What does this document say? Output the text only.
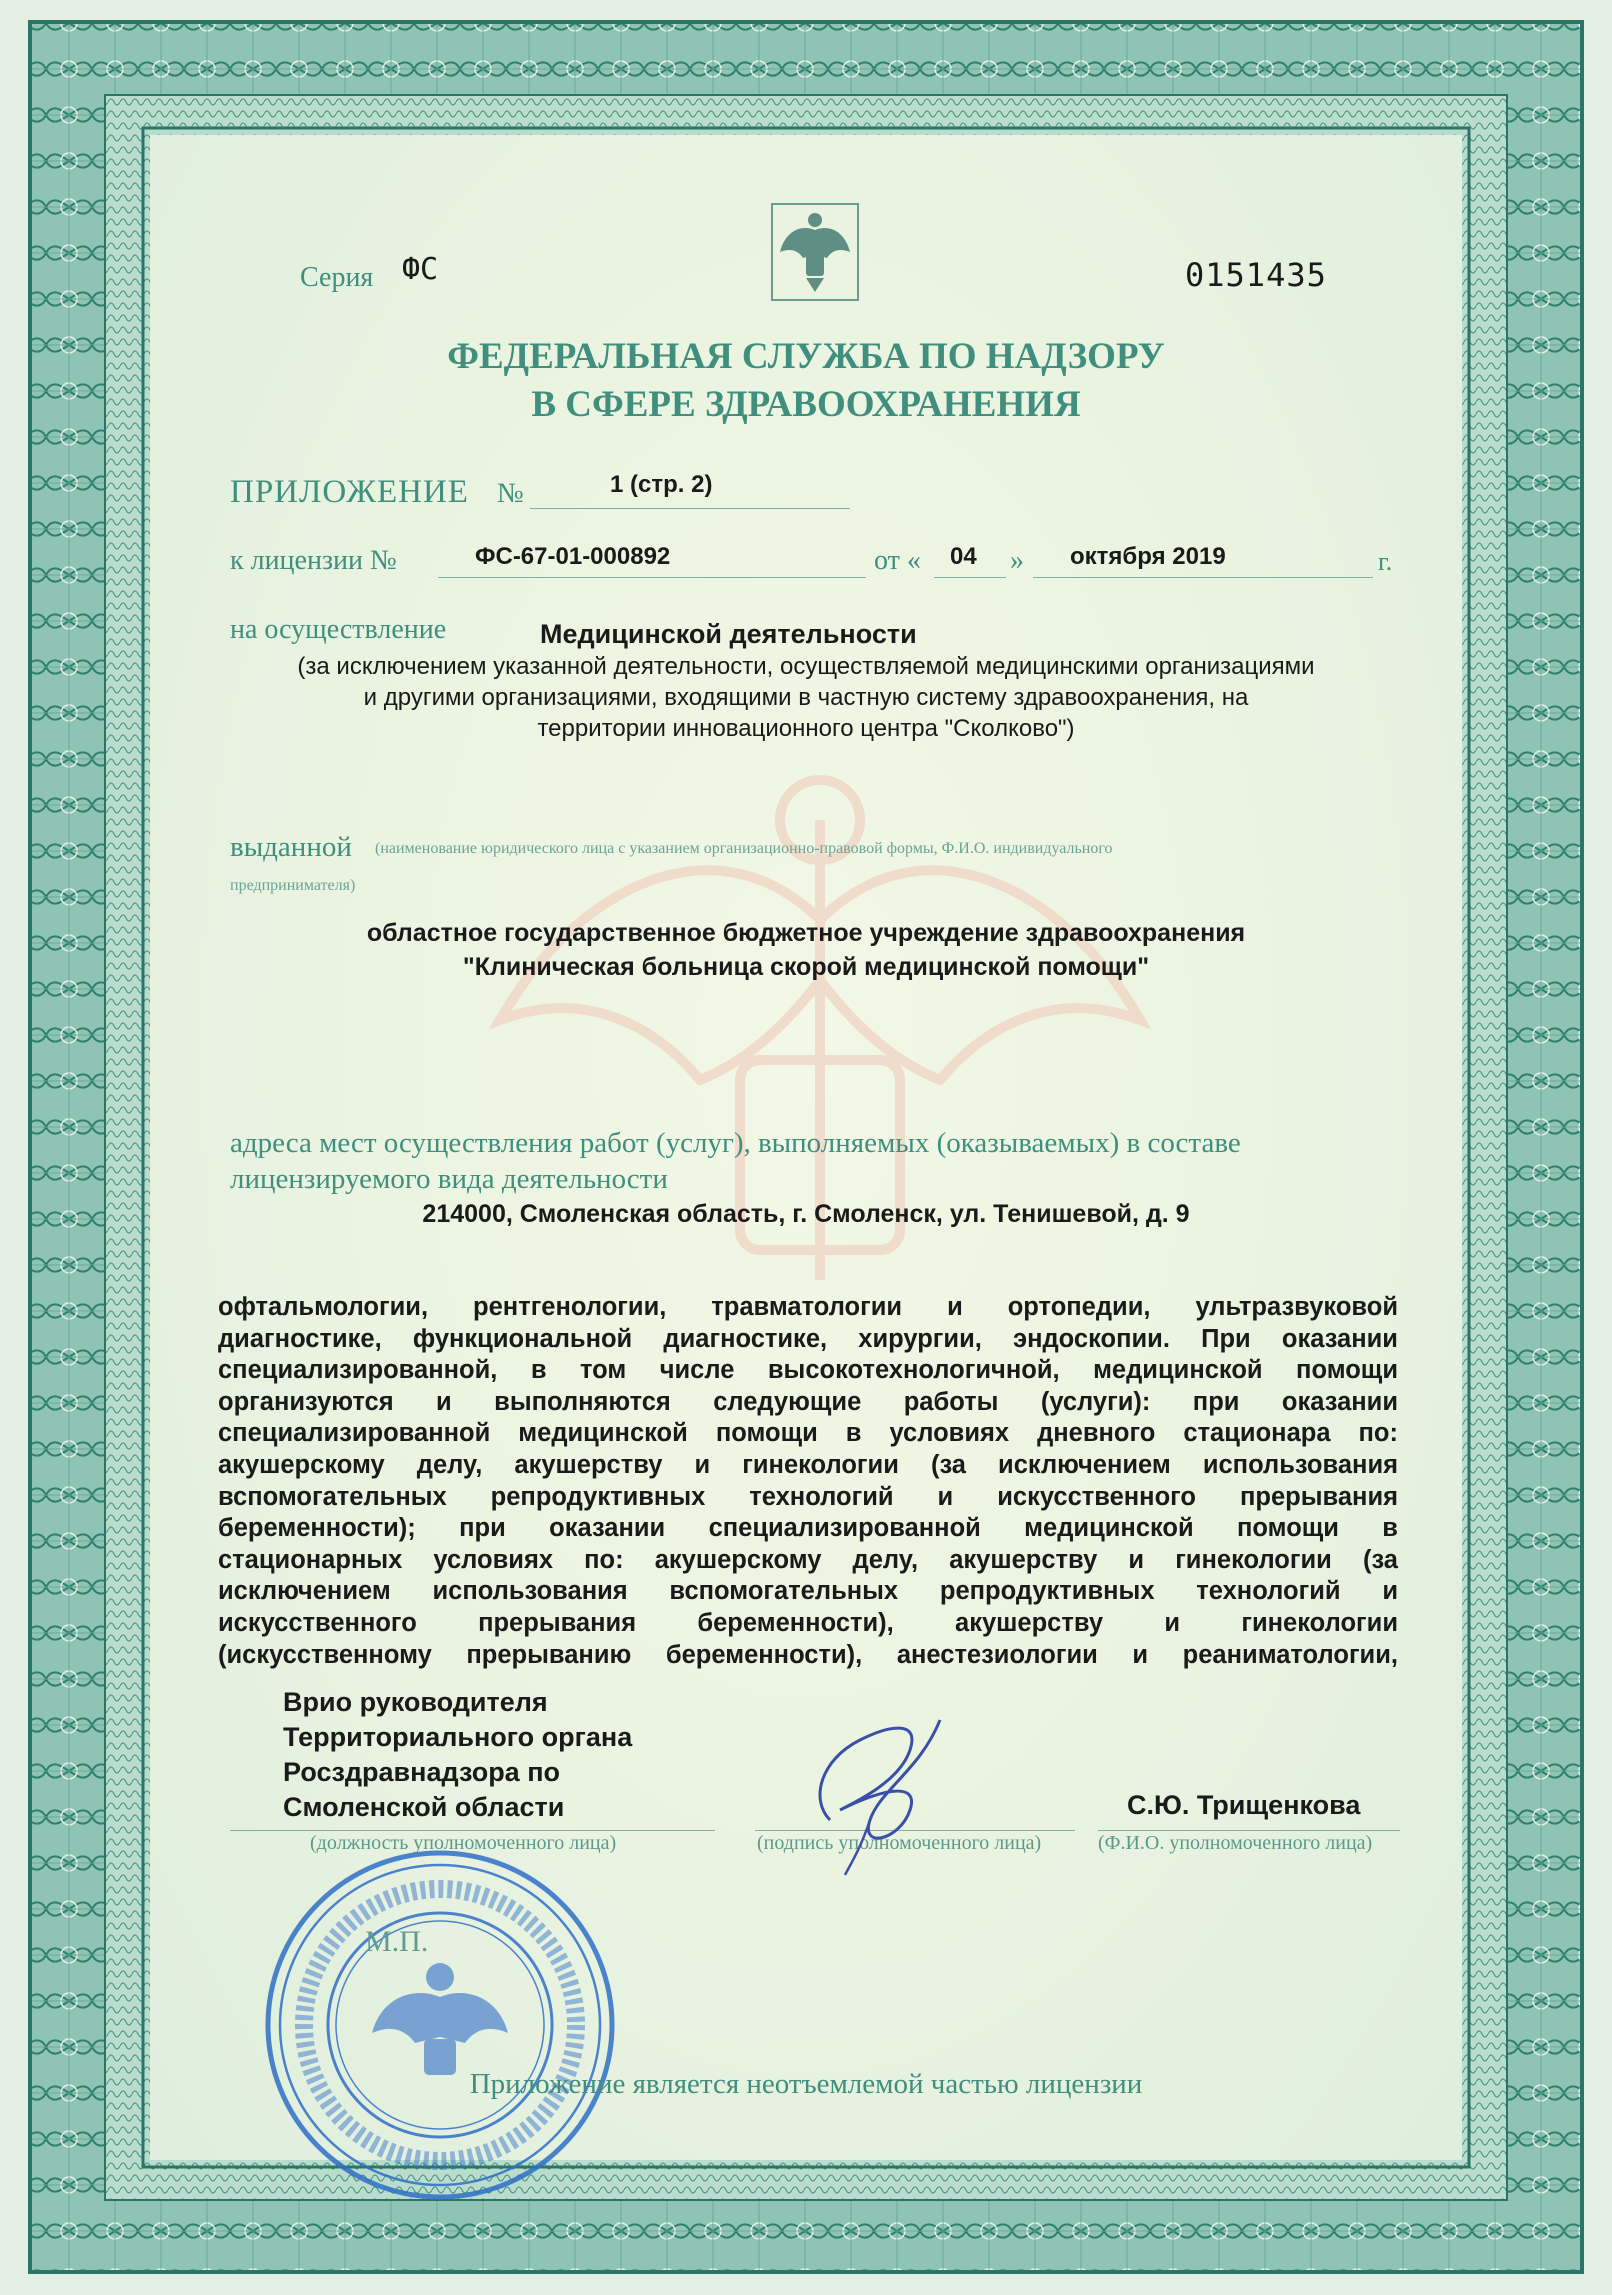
Серия ФС	0151435
ФЕДЕРАЛЬНАЯ СЛУЖБА ПО НАДЗОРУ
В СФЕРЕ ЗДРАВООХРАНЕНИЯ
ПРИЛОЖЕНИЕ №	1 (стр. 2)
к лицензии №	ФС-67-01-000892	от « 04 » октября 2019	г.
на осуществление	Медицинской деятельности
(за исключением указанной деятельности, осуществляемой медицинскими организациями
и другими организациями, входящими в частную систему здравоохранения, на
территории инновационного центра "Сколково")
выданной (наименование юридического лица с указанием организационно-правовой формы, Ф.И.О. индивидуального
предпринимателя)
областное государственное бюджетное учреждение здравоохранения
"Клиническая больница скорой медицинской помощи"
адреса мест осуществления работ (услуг), выполняемых (оказываемых) в составе
лицензируемого вида деятельности
214000, Смоленская область, г. Смоленск, ул. Тенишевой, д. 9
офтальмологии, рентгенологии, травматологии и ортопедии, ультразвуковой
диагностике, функциональной диагностике, хирургии, эндоскопии. При оказании
специализированной, в том числе высокотехнологичной, медицинской помощи
организуются и выполняются следующие работы (услуги): при оказании
специализированной медицинской помощи в условиях дневного стационара по:
акушерскому делу, акушерству и гинекологии (за исключением использования
вспомогательных репродуктивных технологий и искусственного прерывания
беременности); при оказании специализированной медицинской помощи в
стационарных условиях по: акушерскому делу, акушерству и гинекологии (за
исключением использования вспомогательных репродуктивных технологий и
искусственного прерывания беременности), акушерству и гинекологии
(искусственному прерыванию беременности), анестезиологии и реаниматологии,
Врио руководителя
Территориального органа
Росздравнадзора по
Смоленской области	С.Ю. Трищенкова
(должность уполномоченного лица)	(подпись уполномоченного лица)	(Ф.И.О. уполномоченного лица)
М.П.
Приложение является неотъемлемой частью лицензии
